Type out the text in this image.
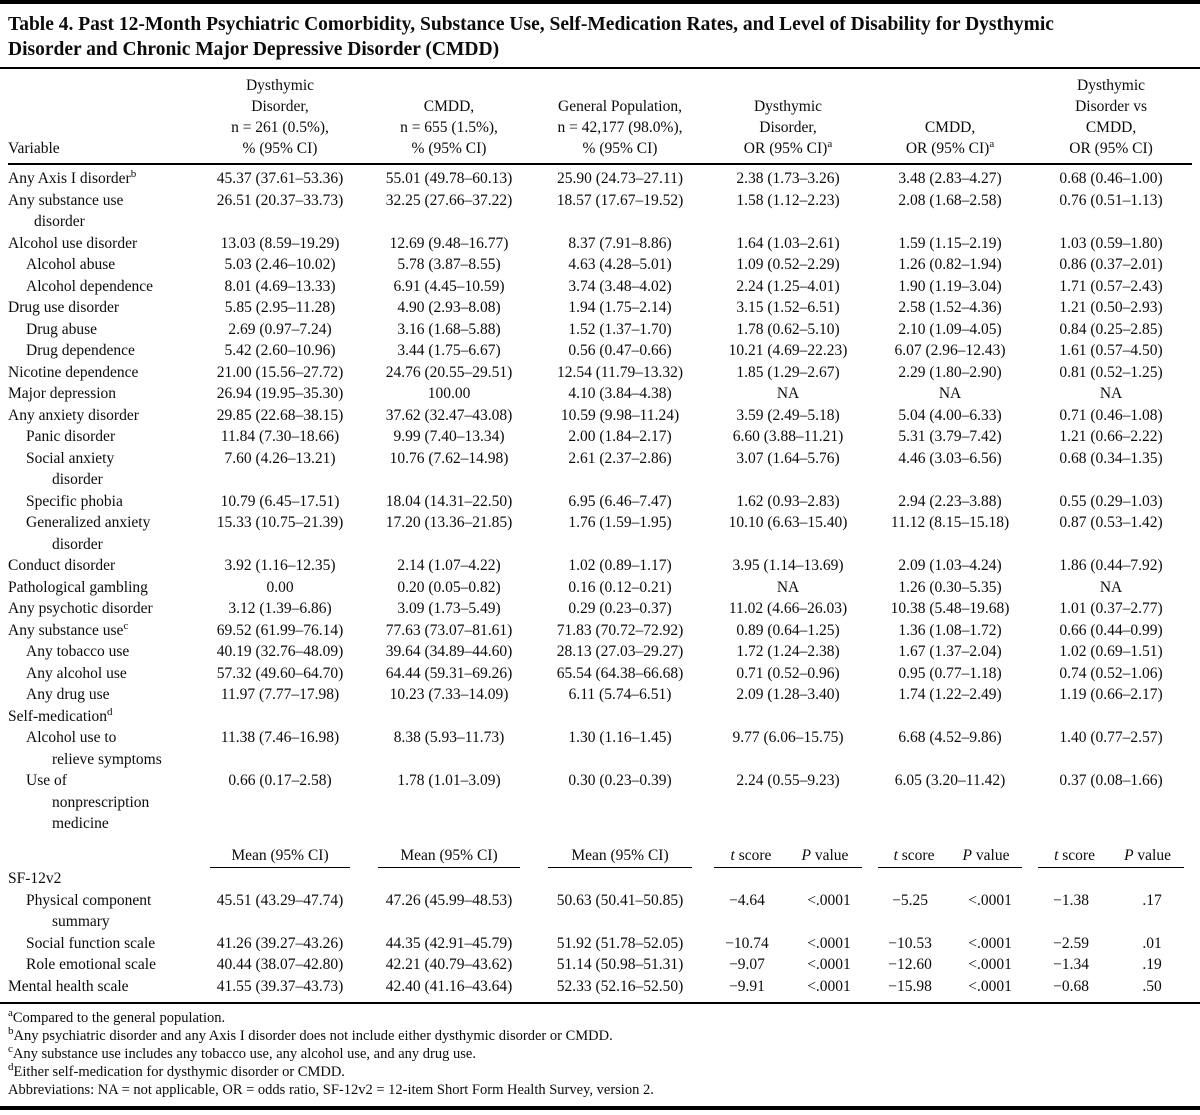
Table 4. Past 12-Month Psychiatric Comorbidity, Substance Use, Self-Medication Rates, and Level of Disability for Dysthymic Disorder and Chronic Major Depressive Disorder (CMDD)
Variable	Dysthymic
Disorder,
n = 261 (0.5%),
% (95% CI)	CMDD,
n = 655 (1.5%),
% (95% CI)	General Population,
n = 42,177 (98.0%),
% (95% CI)	Dysthymic
Disorder,
OR (95% CI)$^a$		CMDD,
OR (95% CI)$^a$		Dysthymic
Disorder vs
CMDD,
OR (95% CI)	
Any Axis I disorder$^b$	45.37 (37.61–53.36)	55.01 (49.78–60.13)	25.90 (24.73–27.11)	2.38 (1.73–3.26)		3.48 (2.83–4.27)		0.68 (0.46–1.00)	
Any substance use
disorder	26.51 (20.37–33.73)	32.25 (27.66–37.22)	18.57 (17.67–19.52)	1.58 (1.12–2.23)		2.08 (1.68–2.58)		0.76 (0.51–1.13)	
Alcohol use disorder	13.03 (8.59–19.29)	12.69 (9.48–16.77)	8.37 (7.91–8.86)	1.64 (1.03–2.61)		1.59 (1.15–2.19)		1.03 (0.59–1.80)	
Alcohol abuse	5.03 (2.46–10.02)	5.78 (3.87–8.55)	4.63 (4.28–5.01)	1.09 (0.52–2.29)		1.26 (0.82–1.94)		0.86 (0.37–2.01)	
Alcohol dependence	8.01 (4.69–13.33)	6.91 (4.45–10.59)	3.74 (3.48–4.02)	2.24 (1.25–4.01)		1.90 (1.19–3.04)		1.71 (0.57–2.43)	
Drug use disorder	5.85 (2.95–11.28)	4.90 (2.93–8.08)	1.94 (1.75–2.14)	3.15 (1.52–6.51)		2.58 (1.52–4.36)		1.21 (0.50–2.93)	
Drug abuse	2.69 (0.97–7.24)	3.16 (1.68–5.88)	1.52 (1.37–1.70)	1.78 (0.62–5.10)		2.10 (1.09–4.05)		0.84 (0.25–2.85)	
Drug dependence	5.42 (2.60–10.96)	3.44 (1.75–6.67)	0.56 (0.47–0.66)	10.21 (4.69–22.23)		6.07 (2.96–12.43)		1.61 (0.57–4.50)	
Nicotine dependence	21.00 (15.56–27.72)	24.76 (20.55–29.51)	12.54 (11.79–13.32)	1.85 (1.29–2.67)		2.29 (1.80–2.90)		0.81 (0.52–1.25)	
Major depression	26.94 (19.95–35.30)	100.00	4.10 (3.84–4.38)	NA		NA		NA	
Any anxiety disorder	29.85 (22.68–38.15)	37.62 (32.47–43.08)	10.59 (9.98–11.24)	3.59 (2.49–5.18)		5.04 (4.00–6.33)		0.71 (0.46–1.08)	
Panic disorder	11.84 (7.30–18.66)	9.99 (7.40–13.34)	2.00 (1.84–2.17)	6.60 (3.88–11.21)		5.31 (3.79–7.42)		1.21 (0.66–2.22)	
Social anxiety
disorder	7.60 (4.26–13.21)	10.76 (7.62–14.98)	2.61 (2.37–2.86)	3.07 (1.64–5.76)		4.46 (3.03–6.56)		0.68 (0.34–1.35)	
Specific phobia	10.79 (6.45–17.51)	18.04 (14.31–22.50)	6.95 (6.46–7.47)	1.62 (0.93–2.83)		2.94 (2.23–3.88)		0.55 (0.29–1.03)	
Generalized anxiety
disorder	15.33 (10.75–21.39)	17.20 (13.36–21.85)	1.76 (1.59–1.95)	10.10 (6.63–15.40)		11.12 (8.15–15.18)		0.87 (0.53–1.42)	
Conduct disorder	3.92 (1.16–12.35)	2.14 (1.07–4.22)	1.02 (0.89–1.17)	3.95 (1.14–13.69)		2.09 (1.03–4.24)		1.86 (0.44–7.92)	
Pathological gambling	0.00	0.20 (0.05–0.82)	0.16 (0.12–0.21)	NA		1.26 (0.30–5.35)		NA	
Any psychotic disorder	3.12 (1.39–6.86)	3.09 (1.73–5.49)	0.29 (0.23–0.37)	11.02 (4.66–26.03)		10.38 (5.48–19.68)		1.01 (0.37–2.77)	
Any substance use$^c$	69.52 (61.99–76.14)	77.63 (73.07–81.61)	71.83 (70.72–72.92)	0.89 (0.64–1.25)		1.36 (1.08–1.72)		0.66 (0.44–0.99)	
Any tobacco use	40.19 (32.76–48.09)	39.64 (34.89–44.60)	28.13 (27.03–29.27)	1.72 (1.24–2.38)		1.67 (1.37–2.04)		1.02 (0.69–1.51)	
Any alcohol use	57.32 (49.60–64.70)	64.44 (59.31–69.26)	65.54 (64.38–66.68)	0.71 (0.52–0.96)		0.95 (0.77–1.18)		0.74 (0.52–1.06)	
Any drug use	11.97 (7.77–17.98)	10.23 (7.33–14.09)	6.11 (5.74–6.51)	2.09 (1.28–3.40)		1.74 (1.22–2.49)		1.19 (0.66–2.17)	
Self-medication$^d$	
Alcohol use to
relieve symptoms	11.38 (7.46–16.98)	8.38 (5.93–11.73)	1.30 (1.16–1.45)	9.77 (6.06–15.75)		6.68 (4.52–9.86)		1.40 (0.77–2.57)	
Use of
nonprescription
medicine	0.66 (0.17–2.58)	1.78 (1.01–3.09)	0.30 (0.23–0.39)	2.24 (0.55–9.23)		6.05 (3.20–11.42)		0.37 (0.08–1.66)	

	Mean (95% CI)	Mean (95% CI)	Mean (95% CI)	t score P value		t score P value		t score P value	

SF-12v2									
Physical component
summary	45.51 (43.29–47.74)	47.26 (45.99–48.53)	50.63 (50.41–50.85)	−4.64	<.0001	−5.25	<.0001	−1.38	.17
Social function scale	41.26 (39.27–43.26)	44.35 (42.91–45.79)	51.92 (51.78–52.05)	−10.74	<.0001	−10.53	<.0001	−2.59	.01
Role emotional scale	40.44 (38.07–42.80)	42.21 (40.79–43.62)	51.14 (50.98–51.31)	−9.07	<.0001	−12.60	<.0001	−1.34	.19
Mental health scale	41.55 (39.37–43.73)	42.40 (41.16–43.64)	52.33 (52.16–52.50)	−9.91	<.0001	−15.98	<.0001	−0.68	.50
$^a$Compared to the general population.
$^b$Any psychiatric disorder and any Axis I disorder does not include either dysthymic disorder or CMDD.
$^c$Any substance use includes any tobacco use, any alcohol use, and any drug use.
$^d$Either self-medication for dysthymic disorder or CMDD.
Abbreviations: NA = not applicable, OR = odds ratio, SF-12v2 = 12-item Short Form Health Survey, version 2.
